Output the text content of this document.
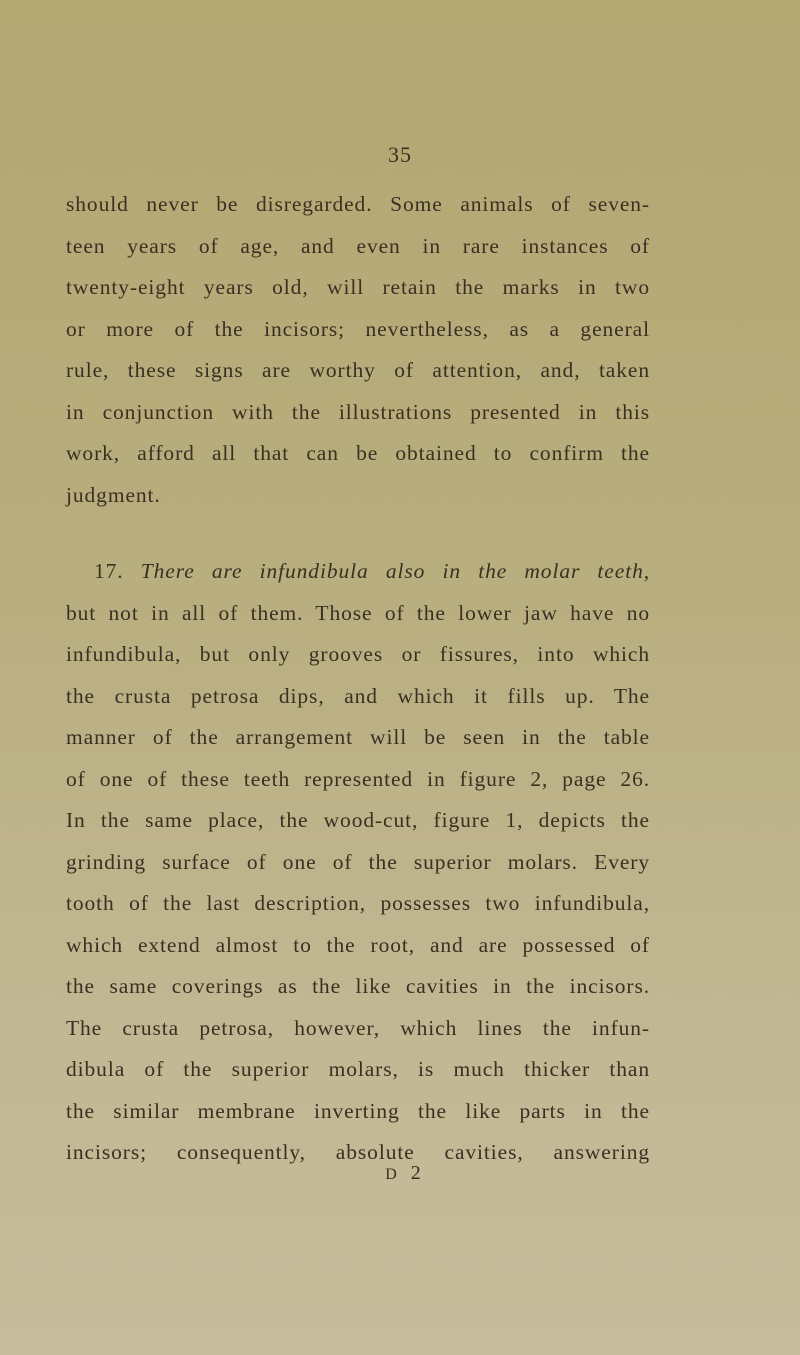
35
should never be disregarded. Some animals of seven-
teen years of age, and even in rare instances of
twenty-eight years old, will retain the marks in two
or more of the incisors; nevertheless, as a general
rule, these signs are worthy of attention, and, taken
in conjunction with the illustrations presented in this
work, afford all that can be obtained to confirm the
judgment.
17. There are infundibula also in the molar teeth,
but not in all of them. Those of the lower jaw have no
infundibula, but only grooves or fissures, into which
the crusta petrosa dips, and which it fills up. The
manner of the arrangement will be seen in the table
of one of these teeth represented in figure 2, page 26.
In the same place, the wood-cut, figure 1, depicts the
grinding surface of one of the superior molars. Every
tooth of the last description, possesses two infundibula,
which extend almost to the root, and are possessed of
the same coverings as the like cavities in the incisors.
The crusta petrosa, however, which lines the infun-
dibula of the superior molars, is much thicker than
the similar membrane inverting the like parts in the
incisors; consequently, absolute cavities, answering
D2
